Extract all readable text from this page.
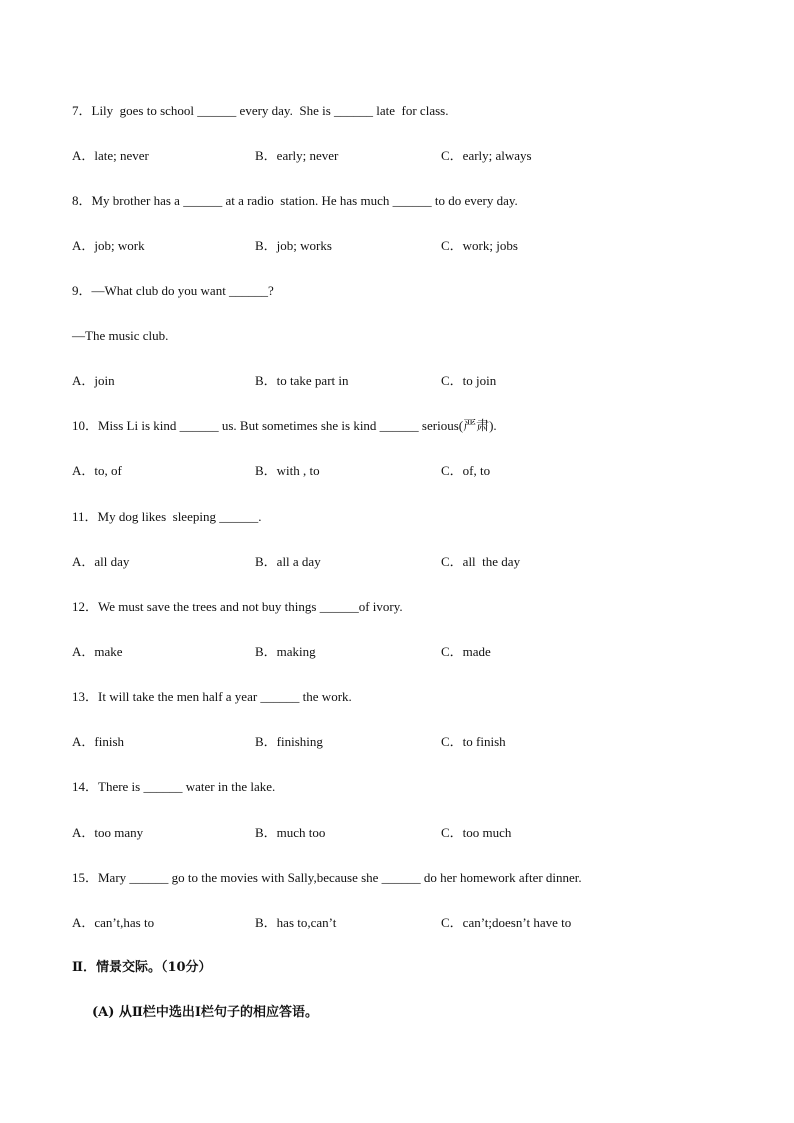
7．Lily  goes to school ______ every day.  She is ______ late  for class.
A．late; never	B．early; never	C．early; always
8．My brother has a ______ at a radio  station. He has much ______ to do every day.
A．job; work	B．job; works	C．work; jobs
9．—What club do you want ______?
—The music club.
A．join	B．to take part in	C．to join
10．Miss Li is kind ______ us. But sometimes she is kind ______ serious(严肃).
A．to, of	B．with , to	C．of, to
11．My dog likes  sleeping ______.
A．all day	B．all a day	C．all  the day
12．We must save the trees and not buy things ______of ivory.
A．make	B．making	C．made
13．It will take the men half a year ______ the work.
A．finish	B．finishing	C．to finish
14．There is ______ water in the lake.
A．too many	B．much too	C．too much
15．Mary ______ go to the movies with Sally,because she ______ do her homework after dinner.
A．can’t,has to	B．has to,can’t	C．can’t;doesn’t have to
Ⅱ．情景交际。（10分）
(A) 从Ⅱ栏中选出Ⅰ栏句子的相应答语。
